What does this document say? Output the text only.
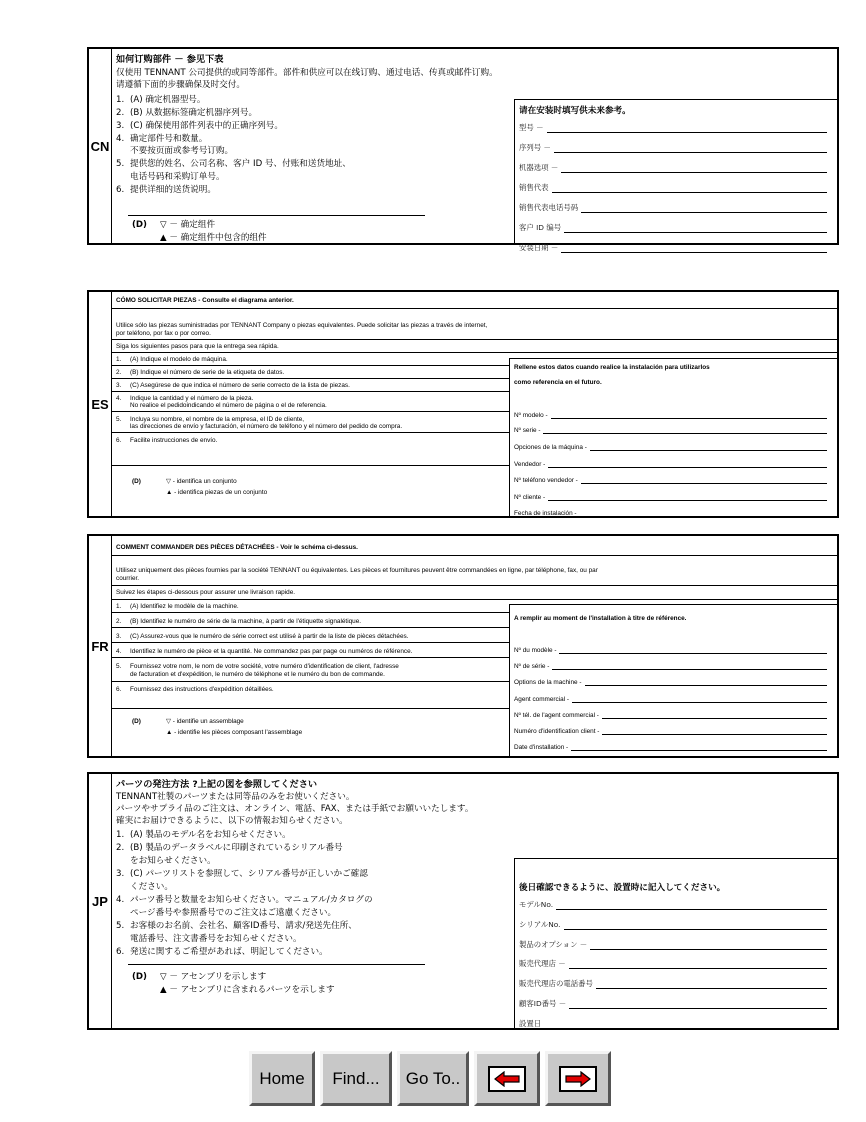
CN
如何订购部件 － 参见下表
仅使用 TENNANT 公司提供的或同等部件。部件和供应可以在线订购、通过电话、传真或邮件订购。
请遵循下面的步骤确保及时交付。
1. (A) 确定机器型号。
2. (B) 从数据标签确定机器序列号。
3. (C) 确保使用部件列表中的正确序列号。
4. 确定部件号和数量。
不要按页面或参考号订购。
5. 提供您的姓名、公司名称、客户 ID 号、付账和送货地址、
电话号码和采购订单号。
6. 提供详细的送货说明。
(D) ▽ － 确定组件
▲ － 确定组件中包含的组件
请在安装时填写供未来参考。
型号 －
序列号 －
机器选项 －
销售代表
销售代表电话号码
客户 ID 编号
安装日期 －
ES
CÓMO SOLICITAR PIEZAS - Consulte el diagrama anterior.
Utilice sólo las piezas suministradas por TENNANT Company o piezas equivalentes. Puede solicitar las piezas a través de internet,
por teléfono, por fax o por correo.
Siga los siguientes pasos para que la entrega sea rápida.
1. (A) Indique el modelo de máquina.
2. (B) Indique el número de serie de la etiqueta de datos.
3. (C) Asegúrese de que indica el número de serie correcto de la lista de piezas.
4. Indique la cantidad y el número de la pieza.
No realice el pedidoindicando el número de página o el de referencia.
5. Incluya su nombre, el nombre de la empresa, el ID de cliente,
las direcciones de envío y facturación, el número de teléfono y el número del pedido de compra.
6. Facilite instrucciones de envío.
(D)	▽ - identifica un conjunto
▲ - identifica piezas de un conjunto
Rellene estos datos cuando realice la instalación para utilizarlos
como referencia en el futuro.
Nº modelo -
Nº serie -
Opciones de la máquina -
Vendedor -
Nº teléfono vendedor -
Nº cliente -
Fecha de instalación -
FR
COMMENT COMMANDER DES PIÈCES DÉTACHÉES - Voir le schéma ci-dessus.
Utilisez uniquement des pièces fournies par la société TENNANT ou équivalentes. Les pièces et fournitures peuvent être commandées en ligne, par téléphone, fax, ou par
courrier.
Suivez les étapes ci-dessous pour assurer une livraison rapide.
1. (A) Identifiez le modèle de la machine.
2. (B) Identifiez le numéro de série de la machine, à partir de l'étiquette signalétique.
3. (C) Assurez-vous que le numéro de série correct est utilisé à partir de la liste de pièces détachées.
4. Identifiez le numéro de pièce et la quantité. Ne commandez pas par page ou numéros de référence.
5. Fournissez votre nom, le nom de votre société, votre numéro d'identification de client, l'adresse
de facturation et d'expédition, le numéro de téléphone et le numéro du bon de commande.
6. Fournissez des instructions d'expédition détaillées.
(D)	▽ - identifie un assemblage
▲ - identifie les pièces composant l'assemblage
A remplir au moment de l'installation à titre de référence.
Nº du modèle -
Nº de série -
Options de la machine -
Agent commercial -
Nº tél. de l'agent commercial -
Numéro d'identification client -
Date d'installation -
JP
パーツの発注方法 ?上記の図を参照してください
TENNANT社製のパーツまたは同等品のみをお使いください。
パーツやサプライ品のご注文は、オンライン、電話、FAX、または手紙でお願いいたします。
確実にお届けできるように、以下の情報お知らせください。
1. (A) 製品のモデル名をお知らせください。
2. (B) 製品のデータラベルに印刷されているシリアル番号
をお知らせください。
3. (C) パーツリストを参照して、シリアル番号が正しいかご確認
ください。
4. パーツ番号と数量をお知らせください。マニュアル/カタログの
ページ番号や参照番号でのご注文はご遠慮ください。
5. お客様のお名前、会社名、顧客ID番号、請求/発送先住所、
電話番号、注文書番号をお知らせください。
6. 発送に関するご希望があれば、明記してください。
(D) ▽ － アセンブリを示します
▲ － アセンブリに含まれるパーツを示します
後日確認できるように、設置時に記入してください。
モデルNo.
シリアルNo.
製品のオプション －
販売代理店 －
販売代理店の電話番号
顧客ID番号 －
設置日
Home	Find...	Go To..
